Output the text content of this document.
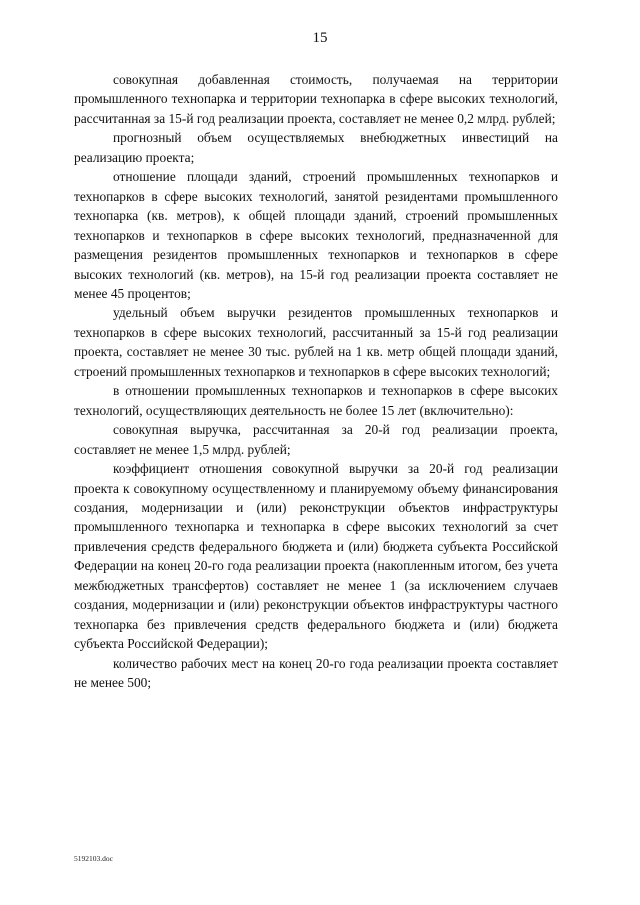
15

совокупная добавленная стоимость, получаемая на территории промышленного технопарка и территории технопарка в сфере высоких технологий, рассчитанная за 15-й год реализации проекта, составляет не менее 0,2 млрд. рублей;

прогнозный объем осуществляемых внебюджетных инвестиций на реализацию проекта;

отношение площади зданий, строений промышленных технопарков и технопарков в сфере высоких технологий, занятой резидентами промышленного технопарка (кв. метров), к общей площади зданий, строений промышленных технопарков и технопарков в сфере высоких технологий, предназначенной для размещения резидентов промышленных технопарков и технопарков в сфере высоких технологий (кв. метров), на 15-й год реализации проекта составляет не менее 45 процентов;

удельный объем выручки резидентов промышленных технопарков и технопарков в сфере высоких технологий, рассчитанный за 15-й год реализации проекта, составляет не менее 30 тыс. рублей на 1 кв. метр общей площади зданий, строений промышленных технопарков и технопарков в сфере высоких технологий;

в отношении промышленных технопарков и технопарков в сфере высоких технологий, осуществляющих деятельность не более 15 лет (включительно):

совокупная выручка, рассчитанная за 20-й год реализации проекта, составляет не менее 1,5 млрд. рублей;

коэффициент отношения совокупной выручки за 20-й год реализации проекта к совокупному осуществленному и планируемому объему финансирования создания, модернизации и (или) реконструкции объектов инфраструктуры промышленного технопарка и технопарка в сфере высоких технологий за счет привлечения средств федерального бюджета и (или) бюджета субъекта Российской Федерации на конец 20-го года реализации проекта (накопленным итогом, без учета межбюджетных трансфертов) составляет не менее 1 (за исключением случаев создания, модернизации и (или) реконструкции объектов инфраструктуры частного технопарка без привлечения средств федерального бюджета и (или) бюджета субъекта Российской Федерации);

количество рабочих мест на конец 20-го года реализации проекта составляет не менее 500;

5192103.doc
